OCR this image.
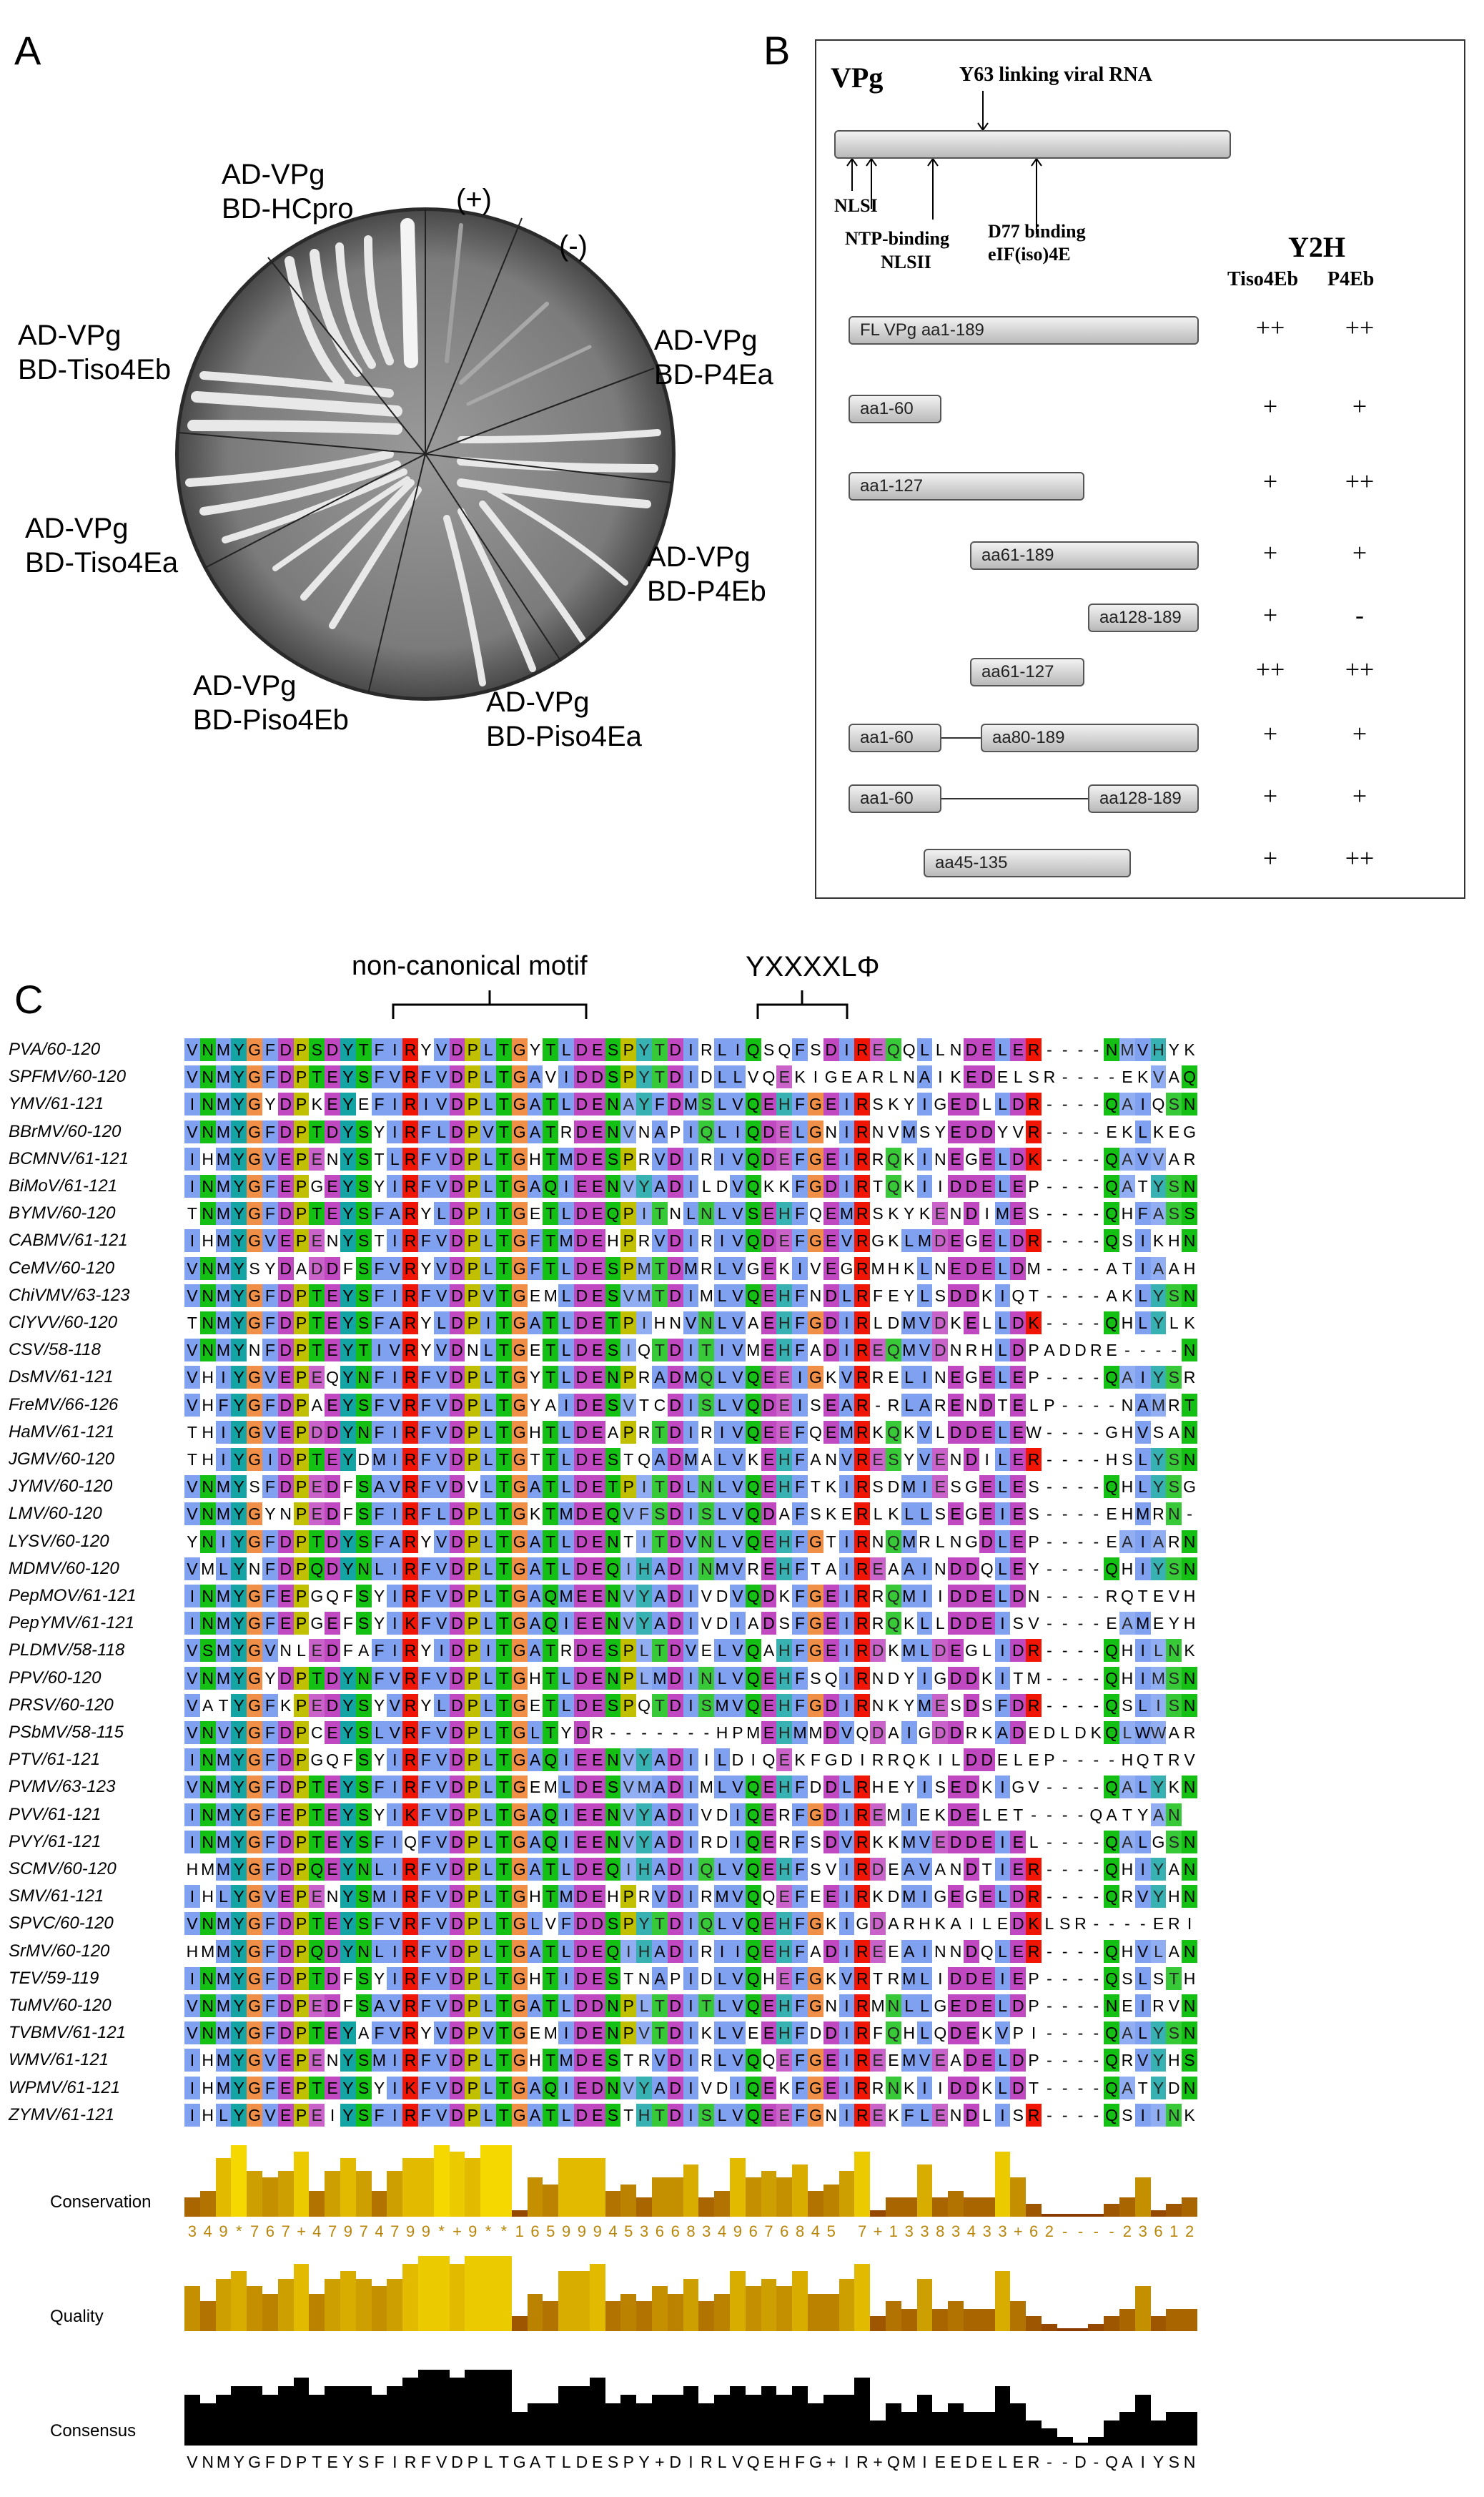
A
AD-VPg
BD-HCpro	(+)
(-)
AD-VPg
BD-P4Ea
AD-VPg
BD-Tiso4Eb
AD-VPg
BD-Tiso4Ea	AD-VPg
BD-P4Eb
AD-VPg
BD-Piso4Eb
AD-VPg
BD-Piso4Ea
B
VPg	Y63 linking viral RNA
NLSI
NTP-binding
NLSII
D77 binding
eIF(iso)4E	Y2H
Tiso4Eb P4Eb
FL VPg aa1-189	++	++
aa1-60	+	+
aa1-127	+	++
aa61-189	+	+
aa128-189	+	-
aa61-127	++	++
aa1-60	aa80-189	+	+
aa1-60	aa128-189	+	+
aa45-135	+	++
C
non-canonical motif	YXXXXLΦ
PVA/60-120	V N M Y G F D P S D Y T F I R Y V D P L T G Y T L D E S P Y T D I R L I Q S Q F S D I R E Q Q L L N D E L E R - - - - N M V H Y K
SPFMV/60-120	V N M Y G F D P T E Y S F V R F V D P L T G A V I D D S P Y T D I D L L V Q E K I G E A R L N A I K E D E L S R - - - - E K V A Q
YMV/61-121	I N M Y G Y D P K E Y E F I R I V D P L T G A T L D E N A Y F D M S L V Q E H F G E I R S K Y I G E D L L D R - - - - Q A I Q S N
BBrMV/60-120	V N M Y G F D P T D Y S Y I R F L D P V T G A T R D E N V N A P I Q L I Q D E L G N I R N V M S Y E D D Y V R - - - - E K L K E G
BCMNV/61-121	I H M Y G V E P E N Y S T L R F V D P L T G H T M D E S P R V D I R I V Q D E F G E I R R Q K I N E G E L D K - - - - Q A V V A R
BiMoV/61-121	I N M Y G F E P G E Y S Y I R F V D P L T G A Q I E E N V Y A D I L D V Q K K F G D I R T Q K I I D D E L E P - - - - Q A T Y S N
BYMV/60-120	T N M Y G F D P T E Y S F A R Y L D P I T G E T L D E Q P I T N L N L V S E H F Q E M R S K Y K E N D I M E S - - - - Q H F A S S
CABMV/61-121	I H M Y G V E P E N Y S T I R F V D P L T G F T M D E H P R V D I R I V Q D E F G E V R G K L M D E G E L D R - - - - Q S I K H N
CeMV/60-120	V N M Y S Y D A D D F S F V R Y V D P L T G F T L D E S P M T D M R L V G E K I V E G R M H K L N E D E L D M - - - - A T I A A H
ChiVMV/63-123	V N M Y G F D P T E Y S F I R F V D P V T G E M L D E S V M T D I M L V Q E H F N D L R F E Y L S D D K I Q T - - - - A K L Y S N
ClYVV/60-120	T N M Y G F D P T E Y S F A R Y L D P I T G A T L D E T P I H N V N L V A E H F G D I R L D M V D K E L L D K - - - - Q H L Y L K
CSV/58-118	V N M Y N F D P T E Y T I V R Y V D N L T G E T L D E S I Q T D I T I V M E H F A D I R E Q M V D N R H L D P A D D R E - - - - N
DsMV/61-121	V H I Y G V E P E Q Y N F I R F V D P L T G Y T L D E N P R A D M Q L V Q E E I G K V R R E L I N E G E L E P - - - - Q A I Y S R
FreMV/66-126	V H F Y G F D P A E Y S F V R F V D P L T G Y A I D E S V T C D I S L V Q D E I S E A R - R L A R E N D T E L P - - - - N A M R T
HaMV/61-121	T H I Y G V E P D D Y N F I R F V D P L T G H T L D E A P R T D I R I V Q E E F Q E M R K Q K V L D D E L E W - - - - G H V S A N
JGMV/60-120	T H I Y G I D P T E Y D M I R F V D P L T G T T L D E S T Q A D M A L V K E H F A N V R E S Y V E N D I L E R - - - - H S L Y S N
JYMV/60-120	V N M Y S F D P E D F S A V R F V D V L T G A T L D E T P I T D L N L V Q E H F T K I R S D M I E S G E L E S - - - - Q H L Y S G
LMV/60-120	V N M Y G Y N P E D F S F I R F L D P L T G K T M D E Q V F S D I S L V Q D A F S K E R L K L L S E G E I E S - - - - E H M R N -
LYSV/60-120	Y N I Y G F D P T D Y S F A R Y V D P L T G A T L D E N T I T D V N L V Q E H F G T I R N Q M R L N G D L E P - - - - E A I A R N
MDMV/60-120	V M L Y N F D P Q D Y N L I R F V D P L T G A T L D E Q I H A D I N M V R E H F T A I R E A A I N D D Q L E Y - - - - Q H I Y S N
PepMOV/61-121	I N M Y G F E P G Q F S Y I R F V D P L T G A Q M E E N V Y A D I V D V Q D K F G E I R R Q M I I D D E L D N - - - - R Q T E V H
PepYMV/61-121	I N M Y G F E P G E F S Y I K F V D P L T G A Q I E E N V Y A D I V D I A D S F G E I R R Q K L L D D E I S V - - - - E A M E Y H
PLDMV/58-118	V S M Y G V N L E D F A F I R Y I D P I T G A T R D E S P L T D V E L V Q A H F G E I R D K M L D E G L I D R - - - - Q H I L N K
PPV/60-120	V N M Y G Y D P T D Y N F V R F V D P L T G H T L D E N P L M D I N L V Q E H F S Q I R N D Y I G D D K I T M - - - - Q H I M S N
PRSV/60-120	V A T Y G F K P E D Y S Y V R Y L D P L T G E T L D E S P Q T D I S M V Q E H F G D I R N K Y M E S D S F D R - - - - Q S L I S N
PSbMV/58-115	V N V Y G F D P C E Y S L V R F V D P L T G L T Y D R - - - - - - - H P M E H M M D V Q D A I G D D R K A D E D L D K Q L W W A R
PTV/61-121	I N M Y G F D P G Q F S Y I R F V D P L T G A Q I E E N V Y A D I I L D I Q E K F G D I R R Q K I L D D E L E P - - - - H Q T R V
PVMV/63-123	V N M Y G F D P T E Y S F I R F V D P L T G E M L D E S V M A D I M L V Q E H F D D L R H E Y I S E D K I G V - - - - Q A L Y K N
PVV/61-121	I N M Y G F E P T E Y S Y I K F V D P L T G A Q I E E N V Y A D I V D I Q E R F G D I R E M I E K D E L E T - - - - Q A T Y A N
PVY/61-121	I N M Y G F D P T E Y S F I Q F V D P L T G A Q I E E N V Y A D I R D I Q E R F S D V R K K M V E D D E I E L - - - - Q A L G S N
SCMV/60-120	H M M Y G F D P Q E Y N L I R F V D P L T G A T L D E Q I H A D I Q L V Q E H F S V I R D E A V A N D T I E R - - - - Q H I Y A N
SMV/61-121	I H L Y G V E P E N Y S M I R F V D P L T G H T M D E H P R V D I R M V Q Q E F E E I R K D M I G E G E L D R - - - - Q R V Y H N
SPVC/60-120	V N M Y G F D P T E Y S F V R F V D P L T G L V F D D S P Y T D I Q L V Q E H F G K I G D A R H K A I L E D K L S R - - - - E R I
SrMV/60-120	H M M Y G F D P Q D Y N L I R F V D P L T G A T L D E Q I H A D I R I I Q E H F A D I R E E A I N N D Q L E R - - - - Q H V L A N
TEV/59-119	I N M Y G F D P T D F S Y I R F V D P L T G H T I D E S T N A P I D L V Q H E F G K V R T R M L I D D E I E P - - - - Q S L S T H
TuMV/60-120	V N M Y G F D P E D F S A V R F V D P L T G A T L D D N P L T D I T L V Q E H F G N I R M N L L G E D E L D P - - - - N E I R V N
TVBMV/61-121	V N M Y G F D P T E Y A F V R Y V D P V T G E M I D E N P V T D I K L V E E H F D D I R F Q H L Q D E K V P I - - - - Q A L Y S N
WMV/61-121	I H M Y G V E P E N Y S M I R F V D P L T G H T M D E S T R V D I R L V Q Q E F G E I R E E M V E A D E L D P - - - - Q R V Y H S
WPMV/61-121	I H M Y G F E P T E Y S Y I K F V D P L T G A Q I E D N V Y A D I V D I Q E K F G E I R R N K I I D D K L D T - - - - Q A T Y D N
ZYMV/61-121	I H L Y G V E P E I Y S F I R F V D P L T G A T L D E S T H T D I S L V Q E E F G N I R E K F L E N D L I S R - - - - Q S I I N K
Conservation
3 4 9 * 7 6 7 + 4 7 9 7 4 7 9 9 * + 9 * * 1 6 5 9 9 9 4 5 3 6 6 8 3 4 9 6 7 6 8 4 5 7 + 1 3 3 8 3 4 3 3 + 6 2 - - - - 2 3 6 1 2
Quality
Consensus
V N M Y G F D P T E Y S F I R F V D P L T G A T L D E S P Y + D I R L V Q E H F G + I R + Q M I E E D E L E R - - D - Q A I Y S N
